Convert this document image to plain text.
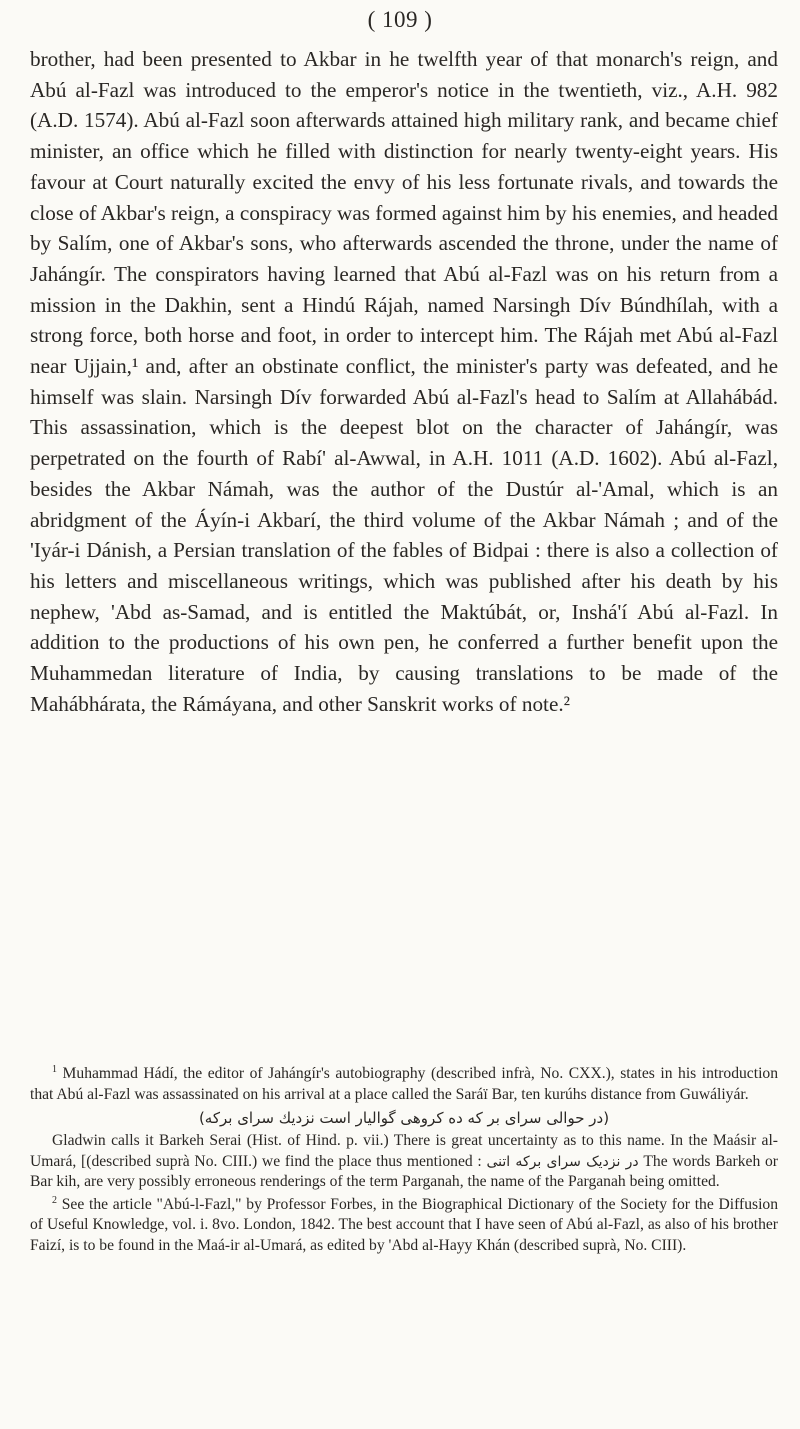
( 109 )

brother, had been presented to Akbar in he twelfth year of that monarch's reign, and Abú al-Fazl was introduced to the emperor's notice in the twentieth, viz., A.H. 982 (A.D. 1574). Abú al-Fazl soon afterwards attained high military rank, and became chief minister, an office which he filled with distinction for nearly twenty-eight years. His favour at Court naturally excited the envy of his less fortunate rivals, and towards the close of Akbar's reign, a conspiracy was formed against him by his enemies, and headed by Salím, one of Akbar's sons, who afterwards ascended the throne, under the name of Jahángír. The conspirators having learned that Abú al-Fazl was on his return from a mission in the Dakhin, sent a Hindú Rájah, named Narsingh Dív Búndhílah, with a strong force, both horse and foot, in order to intercept him. The Rájah met Abú al-Fazl near Ujjain,¹ and, after an obstinate conflict, the minister's party was defeated, and he himself was slain. Narsingh Dív forwarded Abú al-Fazl's head to Salím at Allahábád. This assassination, which is the deepest blot on the character of Jahángír, was perpetrated on the fourth of Rabí' al-Awwal, in A.H. 1011 (A.D. 1602). Abú al-Fazl, besides the Akbar Námah, was the author of the Dustúr al-'Amal, which is an abridgment of the Áyín-i Akbarí, the third volume of the Akbar Námah ; and of the 'Iyár-i Dánish, a Persian translation of the fables of Bidpai : there is also a collection of his letters and miscellaneous writings, which was published after his death by his nephew, 'Abd as-Samad, and is entitled the Maktúbát, or, Inshá'í Abú al-Fazl. In addition to the productions of his own pen, he conferred a further benefit upon the Muhammedan literature of India, by causing translations to be made of the Mahábhárata, the Rámáyana, and other Sanskrit works of note.²

$^1$ Muhammad Hádí, the editor of Jahángír's autobiography (described infrà, No. CXX.), states in his introduction that Abú al-Fazl was assassinated on his arrival at a place called the Saráï Bar, ten kurúhs distance from Guwáliyár.
(در حوالی سراى بر كه ده كروهى گواليار است نزديك سرای برکه)
Gladwin calls it Barkeh Serai (Hist. of Hind. p. vii.) There is great uncertainty as to this name. In the Maásir al-Umará, [(described suprà No. CIII.) we find the place thus mentioned : در نزدیک سرای برکه اتنی The words Barkeh or Bar kih, are very possibly erroneous renderings of the term Parganah, the name of the Parganah being omitted.
$^2$ See the article "Abú-l-Fazl," by Professor Forbes, in the Biographical Dictionary of the Society for the Diffusion of Useful Knowledge, vol. i. 8vo. London, 1842. The best account that I have seen of Abú al-Fazl, as also of his brother Faizí, is to be found in the Maá-ir al-Umará, as edited by 'Abd al-Hayy Khán (described suprà, No. CIII).
